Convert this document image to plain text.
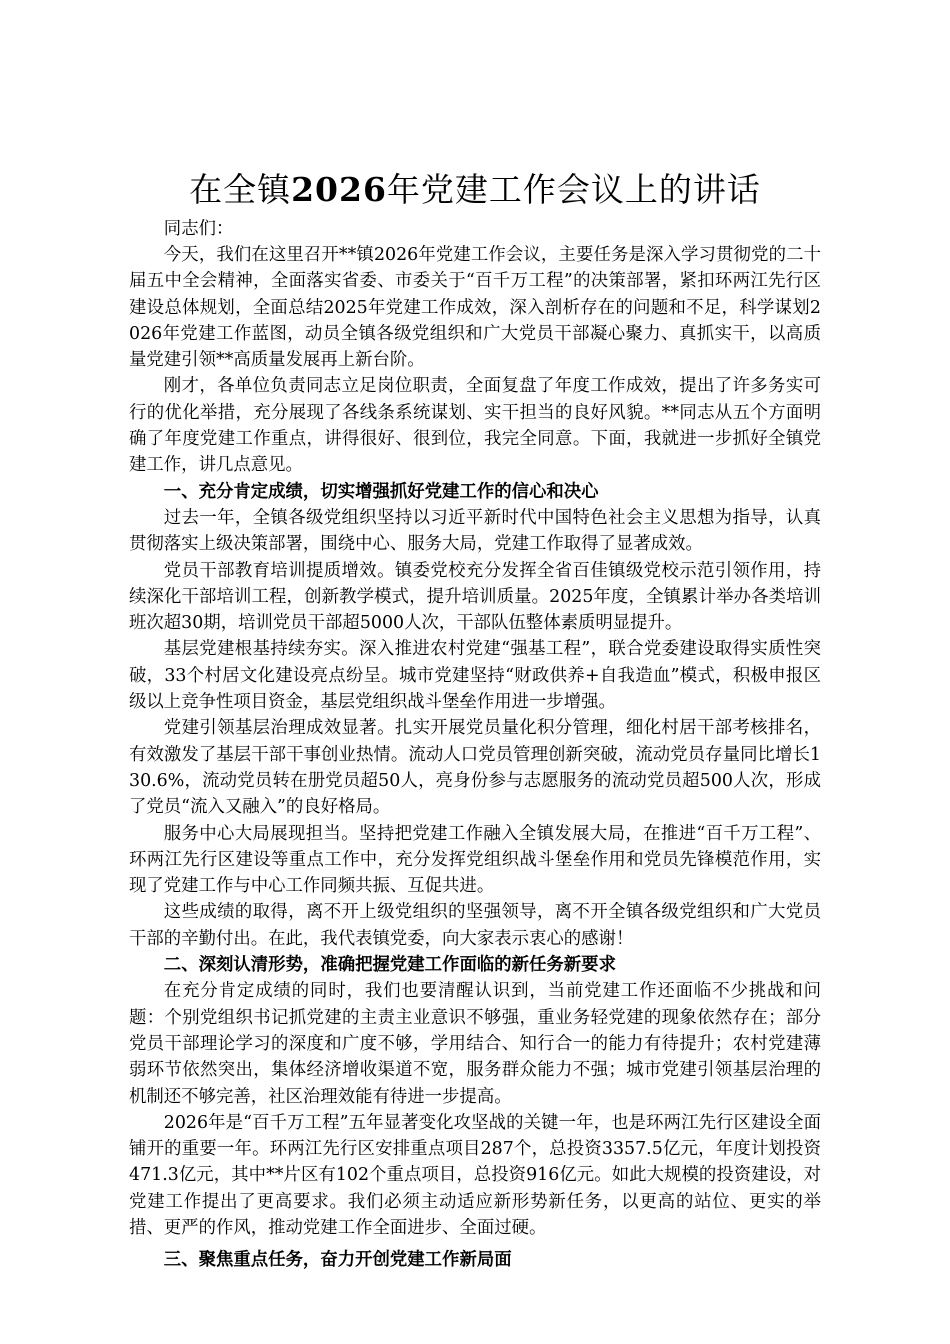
在全镇2026年党建工作会议上的讲话

同志们：

今天，我们在这里召开**镇2026年党建工作会议，主要任务是深入学习贯彻党的二十届五中全会精神，全面落实省委、市委关于“百千万工程”的决策部署，紧扣环两江先行区建设总体规划，全面总结2025年党建工作成效，深入剖析存在的问题和不足，科学谋划2026年党建工作蓝图，动员全镇各级党组织和广大党员干部凝心聚力、真抓实干，以高质量党建引领**高质量发展再上新台阶。

刚才，各单位负责同志立足岗位职责，全面复盘了年度工作成效，提出了许多务实可行的优化举措，充分展现了各线条系统谋划、实干担当的良好风貌。**同志从五个方面明确了年度党建工作重点，讲得很好、很到位，我完全同意。下面，我就进一步抓好全镇党建工作，讲几点意见。

一、充分肯定成绩，切实增强抓好党建工作的信心和决心

过去一年，全镇各级党组织坚持以习近平新时代中国特色社会主义思想为指导，认真贯彻落实上级决策部署，围绕中心、服务大局，党建工作取得了显著成效。

党员干部教育培训提质增效。镇委党校充分发挥全省百佳镇级党校示范引领作用，持续深化干部培训工程，创新教学模式，提升培训质量。2025年度，全镇累计举办各类培训班次超30期，培训党员干部超5000人次，干部队伍整体素质明显提升。

基层党建根基持续夯实。深入推进农村党建“强基工程”，联合党委建设取得实质性突破，33个村居文化建设亮点纷呈。城市党建坚持“财政供养+自我造血”模式，积极申报区级以上竞争性项目资金，基层党组织战斗堡垒作用进一步增强。

党建引领基层治理成效显著。扎实开展党员量化积分管理，细化村居干部考核排名，有效激发了基层干部干事创业热情。流动人口党员管理创新突破，流动党员存量同比增长130.6%，流动党员转在册党员超50人，亮身份参与志愿服务的流动党员超500人次，形成了党员“流入又融入”的良好格局。

服务中心大局展现担当。坚持把党建工作融入全镇发展大局，在推进“百千万工程”、环两江先行区建设等重点工作中，充分发挥党组织战斗堡垒作用和党员先锋模范作用，实现了党建工作与中心工作同频共振、互促共进。

这些成绩的取得，离不开上级党组织的坚强领导，离不开全镇各级党组织和广大党员干部的辛勤付出。在此，我代表镇党委，向大家表示衷心的感谢！

二、深刻认清形势，准确把握党建工作面临的新任务新要求

在充分肯定成绩的同时，我们也要清醒认识到，当前党建工作还面临不少挑战和问题：个别党组织书记抓党建的主责主业意识不够强，重业务轻党建的现象依然存在；部分党员干部理论学习的深度和广度不够，学用结合、知行合一的能力有待提升；农村党建薄弱环节依然突出，集体经济增收渠道不宽，服务群众能力不强；城市党建引领基层治理的机制还不够完善，社区治理效能有待进一步提高。

2026年是“百千万工程”五年显著变化攻坚战的关键一年，也是环两江先行区建设全面铺开的重要一年。环两江先行区安排重点项目287个，总投资3357.5亿元，年度计划投资471.3亿元，其中**片区有102个重点项目，总投资916亿元。如此大规模的投资建设，对党建工作提出了更高要求。我们必须主动适应新形势新任务，以更高的站位、更实的举措、更严的作风，推动党建工作全面进步、全面过硬。

三、聚焦重点任务，奋力开创党建工作新局面
